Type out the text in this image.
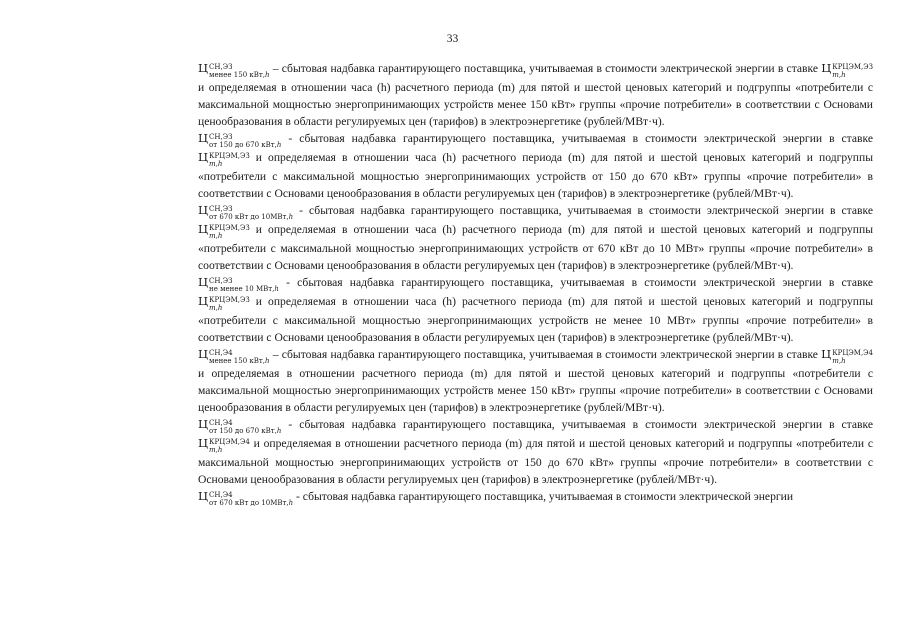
33

Ц СН,ЭЗ
менее 150 кВт,h – сбытовая надбавка гарантирующего поставщика, учитываемая в стоимости электрической энергии в ставке Ц КРЦЭМ,ЭЗ
m,h
и определяемая в отношении часа (h) расчетного периода (m) для пятой и шестой ценовых категорий и подгруппы «потребители с максимальной мощностью энергопринимающих устройств менее 150 кВт» группы «прочие потребители» в соответствии с Основами ценообразования в области регулируемых цен (тарифов) в электроэнергетике (рублей/МВт·ч).

Ц СН,ЭЗ
от 150 до 670 кВт,h - сбытовая надбавка гарантирующего поставщика, учитываемая в стоимости электрической энергии в ставке Ц КРЦЭМ,ЭЗ
m,h	и определяемая в отношении часа (h) расчетного периода (m) для пятой и шестой ценовых категорий и подгруппы «потребители с максимальной мощностью энергопринимающих устройств от 150 до 670 кВт» группы «прочие потребители» в соответствии с Основами ценообразования в области регулируемых цен (тарифов) в электроэнергетике (рублей/МВт·ч).

Ц СН,ЭЗ
от 670 кВт до 10МВт,h - сбытовая надбавка гарантирующего поставщика, учитываемая в стоимости электрической энергии в ставке Ц КРЦЭМ,ЭЗ
m,h	и определяемая в отношении часа (h) расчетного периода (m) для пятой и шестой ценовых категорий и подгруппы «потребители с максимальной мощностью энергопринимающих устройств от 670 кВт до 10 МВт» группы «прочие потребители» в соответствии с Основами ценообразования в области регулируемых цен (тарифов) в электроэнергетике (рублей/МВт·ч).

Ц СН,ЭЗ
не менее 10 МВт,h - сбытовая надбавка гарантирующего поставщика, учитываемая в стоимости электрической энергии в ставке Ц КРЦЭМ,ЭЗ
m,h	и определяемая в отношении часа (h) расчетного периода (m) для пятой и шестой ценовых категорий и подгруппы «потребители с максимальной мощностью энергопринимающих устройств не менее 10 МВт» группы «прочие потребители» в соответствии с Основами ценообразования в области регулируемых цен (тарифов) в электроэнергетике (рублей/МВт·ч).

Ц СН,Э4
менее 150 кВт,h – сбытовая надбавка гарантирующего поставщика, учитываемая в стоимости электрической энергии в ставке Ц КРЦЭМ,Э4
m,h
и определяемая в отношении расчетного периода (m) для пятой и шестой ценовых категорий и подгруппы «потребители с максимальной мощностью энергопринимающих устройств менее 150 кВт» группы «прочие потребители» в соответствии с Основами ценообразования в области регулируемых цен (тарифов) в электроэнергетике (рублей/МВт·ч).

Ц СН,Э4
от 150 до 670 кВт,h - сбытовая надбавка гарантирующего поставщика, учитываемая в стоимости электрической энергии в ставке Ц КРЦЭМ,Э4
m,h	и определяемая в отношении расчетного периода (m) для пятой и шестой ценовых категорий и подгруппы «потребители с максимальной мощностью энергопринимающих устройств от 150 до 670 кВт» группы «прочие потребители» в соответствии с Основами ценообразования в области регулируемых цен (тарифов) в электроэнергетике (рублей/МВт·ч).

Ц СН,Э4
от 670 кВт до 10МВт,h - сбытовая надбавка гарантирующего поставщика, учитываемая в стоимости электрической энергии
